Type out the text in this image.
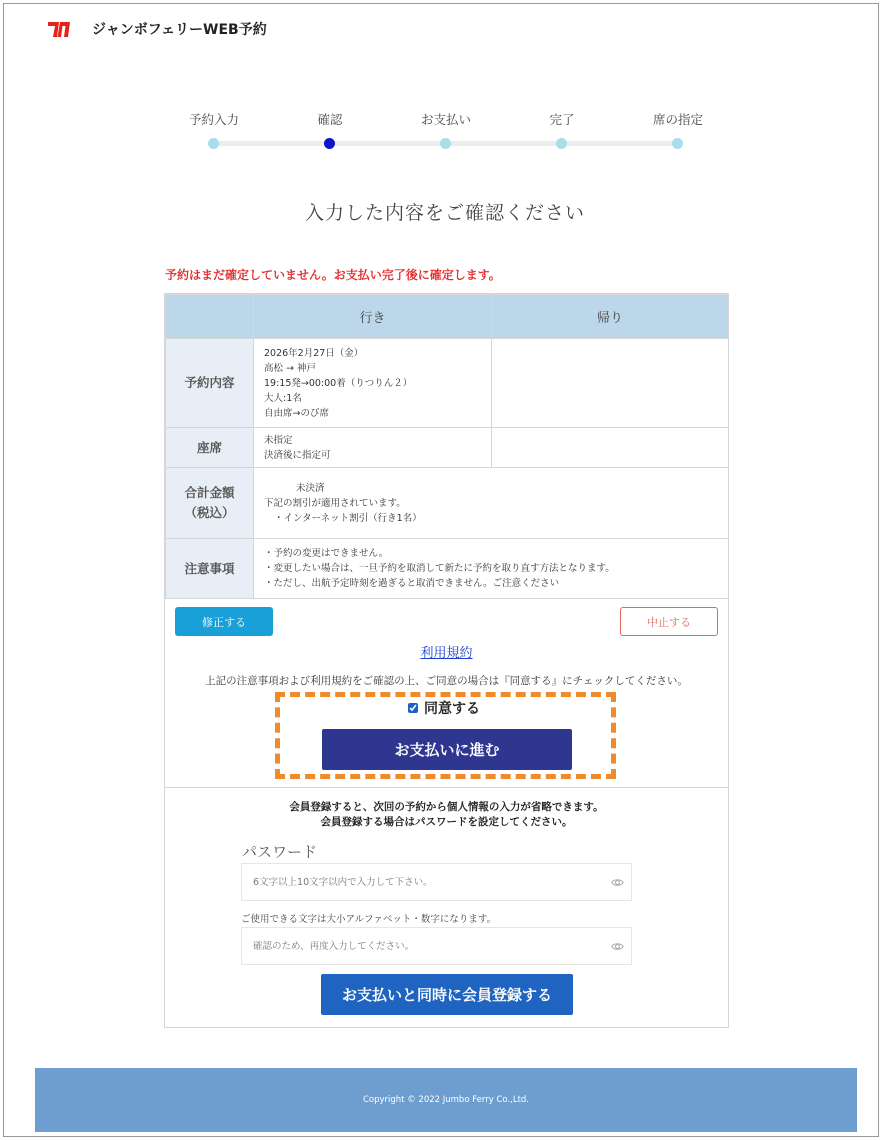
ジャンボフェリーWEB予約
予約入力	確認	お支払い	完了	席の指定
入力した内容をご確認ください
予約はまだ確定していません。お支払い完了後に確定します。
	行き	帰り
予約内容	2026年2月27日（金）
高松 → 神戸
19:15発→00:00着（りつりん２）
大人:1名
自由席→のび席	

座席	未指定
決済後に指定可	

合計金額
（税込）	未決済
下記の割引が適用されています。
・インターネット割引（行き1名）	

注意事項	・予約の変更はできません。
・変更したい場合は、一旦予約を取消して新たに予約を取り直す方法となります。
・ただし、出航予定時刻を過ぎると取消できません。ご注意ください	
修正する	中止する
利用規約
上記の注意事項および利用規約をご確認の上、ご同意の場合は『同意する』にチェックしてください。
同意する
お支払いに進む
会員登録すると、次回の予約から個人情報の入力が省略できます。
会員登録する場合はパスワードを設定してください。
パスワード
ご使用できる文字は大小アルファベット・数字になります。
お支払いと同時に会員登録する
Copyright © 2022 Jumbo Ferry Co.,Ltd.
